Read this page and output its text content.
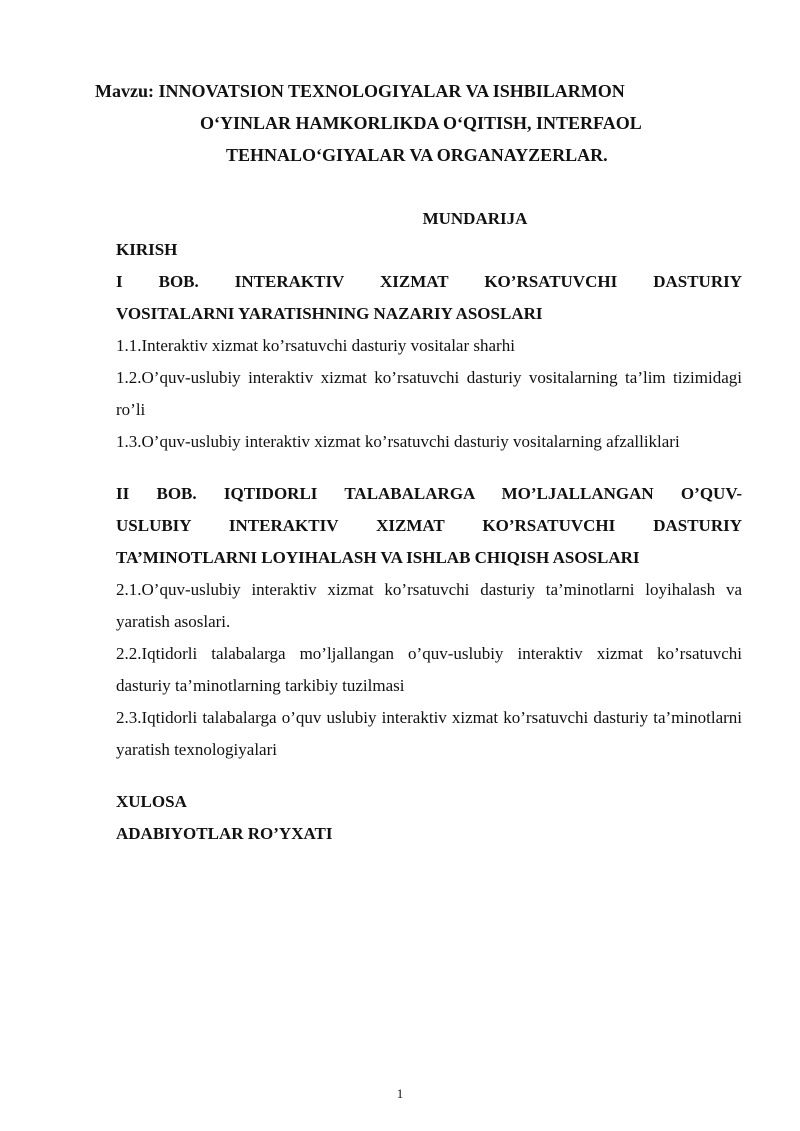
Mavzu: INNOVATSION TEXNOLOGIYALAR VA ISHBILARMON
O‘YINLAR HAMKORLIKDA O‘QITISH, INTERFAOL
TEHNALO‘GIYALAR VA ORGANAYZERLAR.
MUNDARIJA
KIRISH
I BOB. INTERAKTIV XIZMAT KO’RSATUVCHI DASTURIY
VOSITALARNI YARATISHNING NAZARIY ASOSLARI
1.1.Interaktiv xizmat ko’rsatuvchi dasturiy vositalar sharhi
1.2.O’quv-uslubiy interaktiv xizmat ko’rsatuvchi dasturiy vositalarning ta’lim tizimidagi ro’li
1.3.O’quv-uslubiy interaktiv xizmat ko’rsatuvchi dasturiy vositalarning afzalliklari
II BOB. IQTIDORLI TALABALARGA MO’LJALLANGAN O’QUV-
USLUBIY INTERAKTIV XIZMAT KO’RSATUVCHI DASTURIY
TA’MINOTLARNI LOYIHALASH VA ISHLAB CHIQISH ASOSLARI
2.1.O’quv-uslubiy interaktiv xizmat ko’rsatuvchi dasturiy ta’minotlarni loyihalash va yaratish asoslari.
2.2.Iqtidorli talabalarga mo’ljallangan o’quv-uslubiy interaktiv xizmat ko’rsatuvchi dasturiy ta’minotlarning tarkibiy tuzilmasi
2.3.Iqtidorli talabalarga o’quv uslubiy interaktiv xizmat ko’rsatuvchi dasturiy ta’minotlarni yaratish texnologiyalari
XULOSA
ADABIYOTLAR RO’YXATI
1
